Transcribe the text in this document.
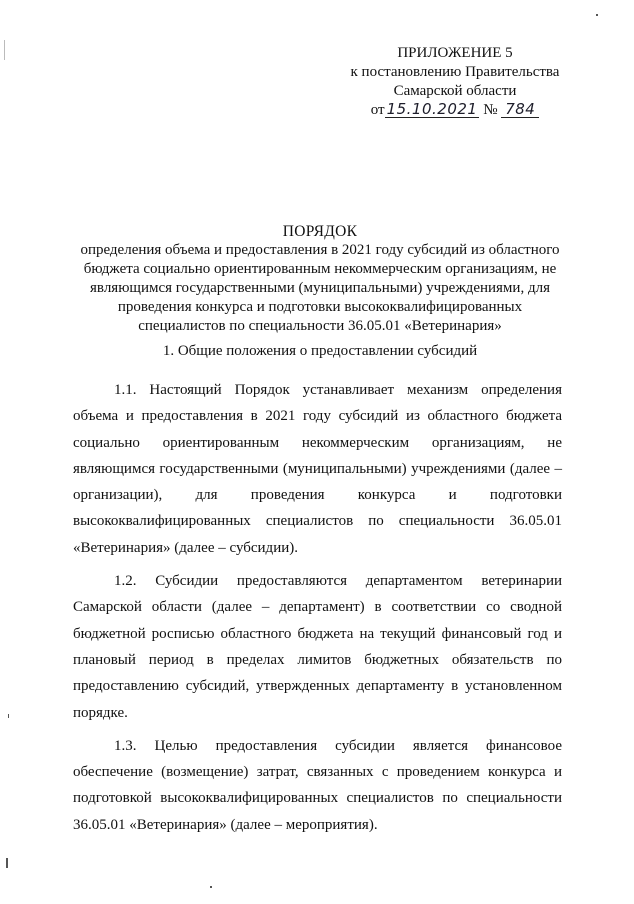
ПРИЛОЖЕНИЕ 5
к постановлению Правительства
Самарской области
от 15.10.2021 № 784
ПОРЯДОК
определения объема и предоставления в 2021 году субсидий из областного
бюджета социально ориентированным некоммерческим организациям, не
являющимся государственными (муниципальными) учреждениями, для
проведения конкурса и подготовки высококвалифицированных
специалистов по специальности 36.05.01 «Ветеринария»
1. Общие положения о предоставлении субсидий

1.1. Настоящий Порядок устанавливает механизм определения объема и предоставления в 2021 году субсидий из областного бюджета социально ориентированным некоммерческим организациям, не являющимся государственными (муниципальными) учреждениями (далее – организации), для проведения конкурса и подготовки высококвалифицированных специалистов по специальности 36.05.01 «Ветеринария» (далее – субсидии).

1.2. Субсидии предоставляются департаментом ветеринарии Самарской области (далее – департамент) в соответствии со сводной бюджетной росписью областного бюджета на текущий финансовый год и плановый период в пределах лимитов бюджетных обязательств по предоставлению субсидий, утвержденных департаменту в установленном порядке.

1.3. Целью предоставления субсидии является финансовое обеспечение (возмещение) затрат, связанных с проведением конкурса и подготовкой высококвалифицированных специалистов по специальности 36.05.01 «Ветеринария» (далее – мероприятия).
